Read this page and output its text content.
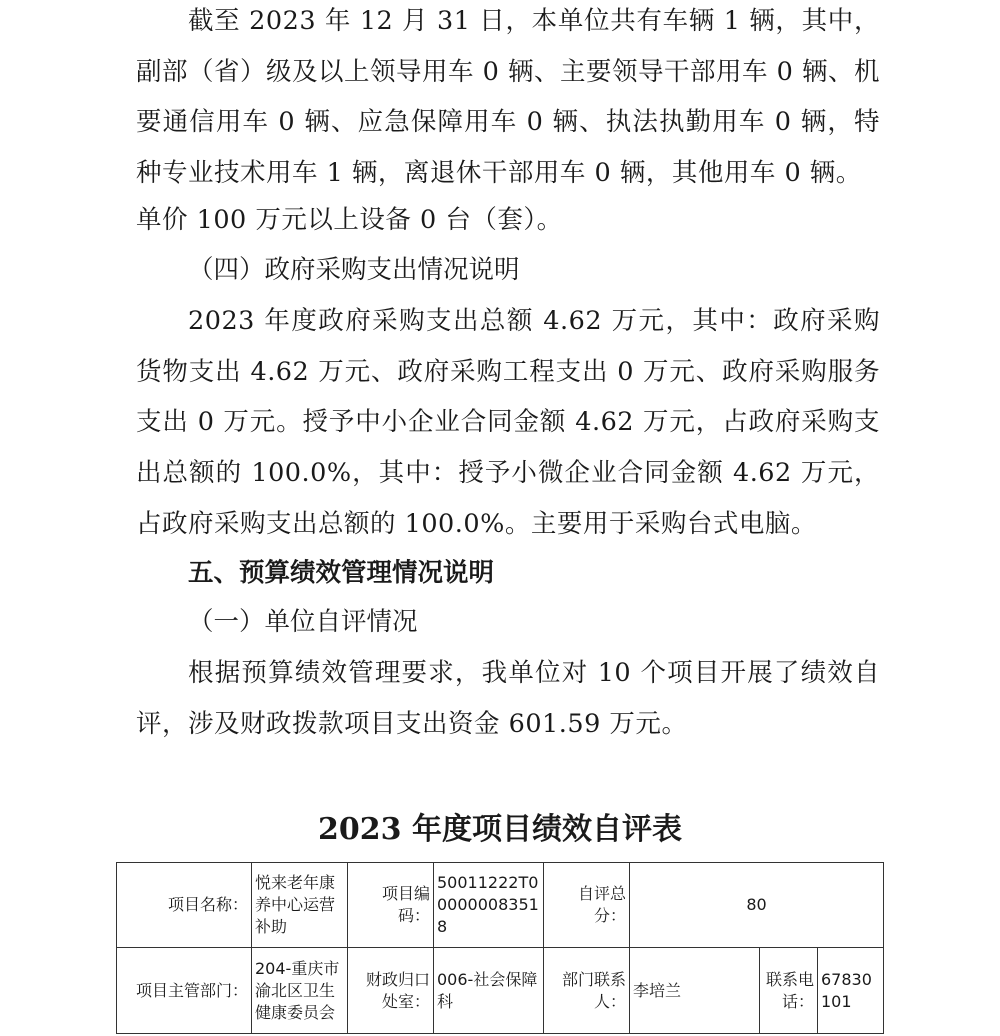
截至 2023 年 12 月 31 日，本单位共有车辆 1 辆，其中，副部（省）级及以上领导用车 0 辆、主要领导干部用车 0 辆、机要通信用车 0 辆、应急保障用车 0 辆、执法执勤用车 0 辆，特种专业技术用车 1 辆，离退休干部用车 0 辆，其他用车 0 辆。

单价 100 万元以上设备 0 台（套）。

（四）政府采购支出情况说明

2023 年度政府采购支出总额 4.62 万元，其中：政府采购货物支出 4.62 万元、政府采购工程支出 0 万元、政府采购服务支出 0 万元。授予中小企业合同金额 4.62 万元，占政府采购支出总额的 100.0%，其中：授予小微企业合同金额 4.62 万元，占政府采购支出总额的 100.0%。主要用于采购台式电脑。

五、预算绩效管理情况说明

（一）单位自评情况

根据预算绩效管理要求，我单位对 10 个项目开展了绩效自评，涉及财政拨款项目支出资金 601.59 万元。

2023 年度项目绩效自评表
项目名称：	悦来老年康养中心运营补助	项目编码：	50011222T000000083518	自评总分：	80		
项目主管部门：	204-重庆市渝北区卫生健康委员会	财政归口处室：	006-社会保障科	部门联系人：	李培兰	联系电话：	67830101
